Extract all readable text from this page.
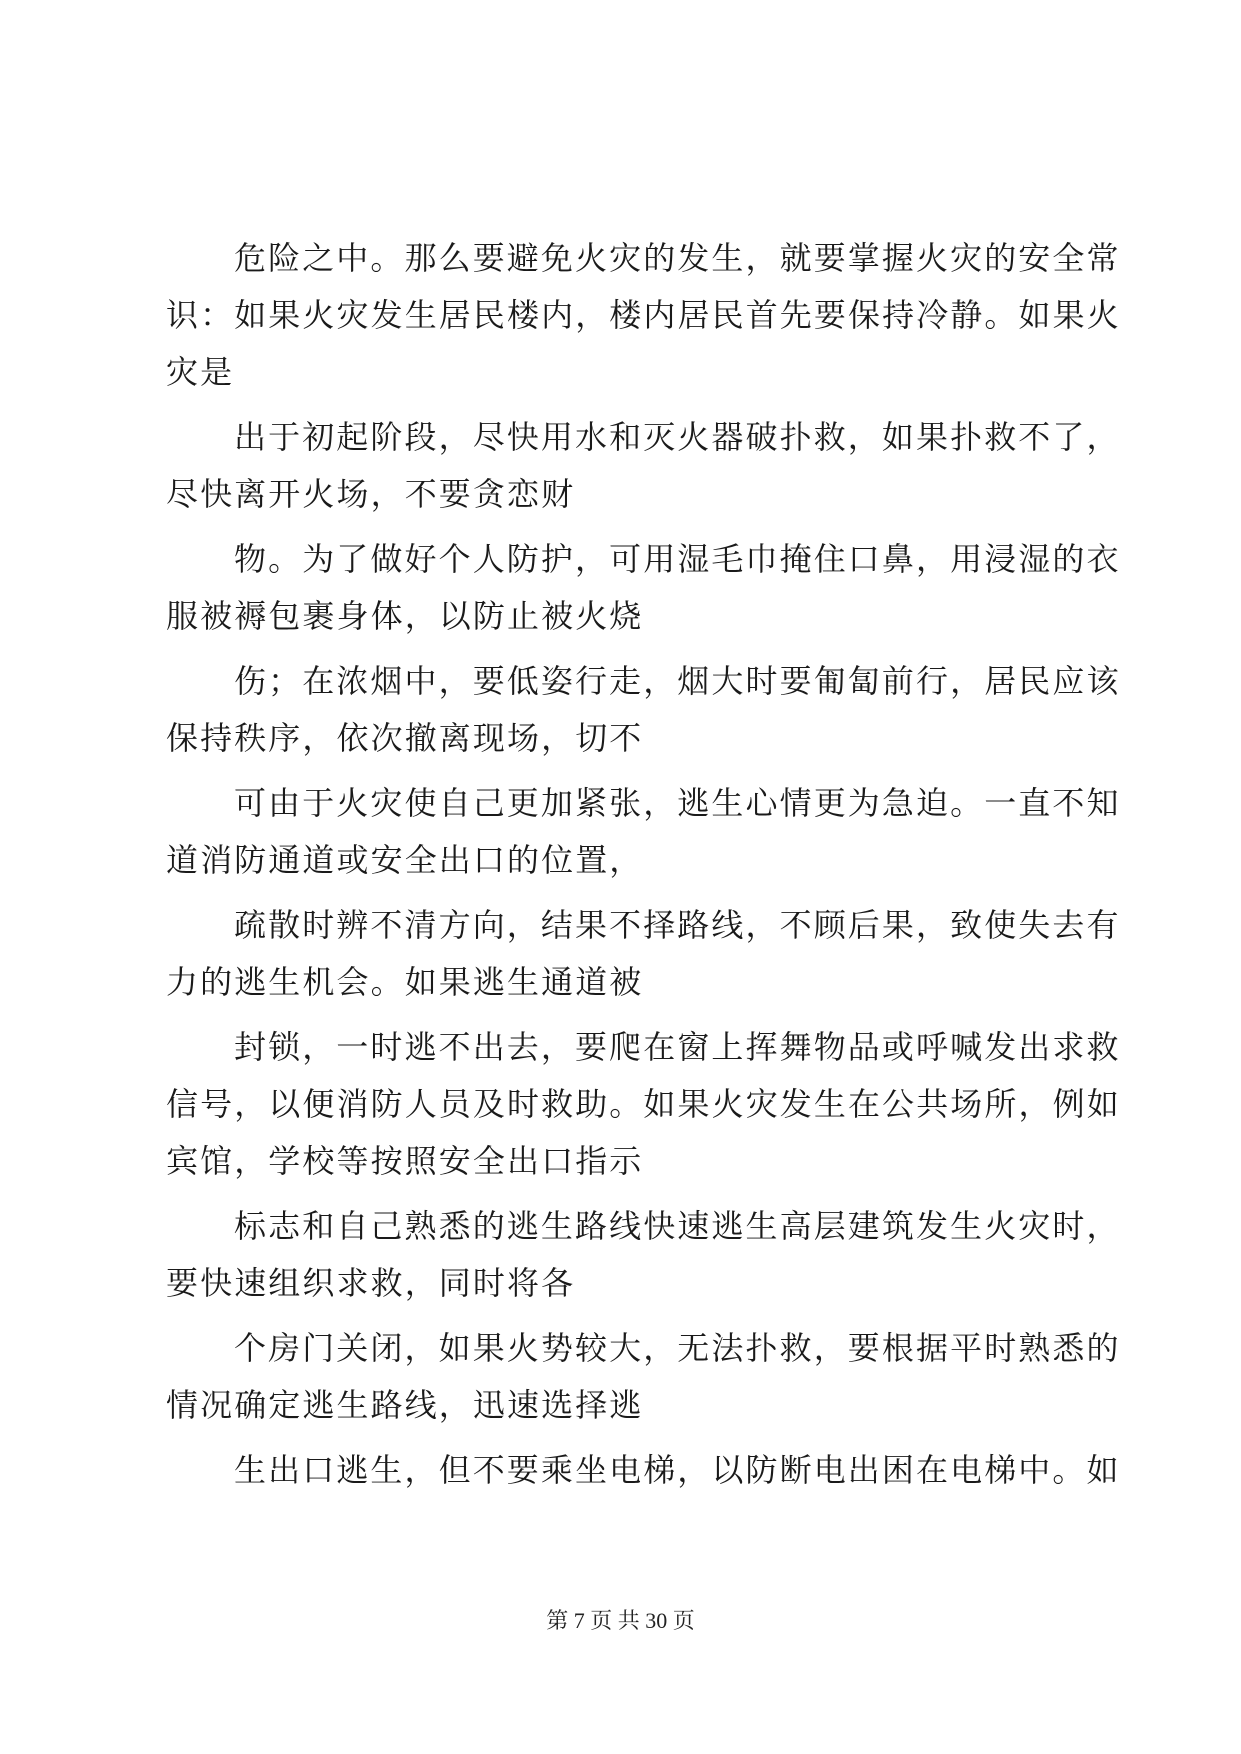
危险之中。那么要避免火灾的发生，就要掌握火灾的安全常
识：如果火灾发生居民楼内，楼内居民首先要保持冷静。如果火
灾是
出于初起阶段，尽快用水和灭火器破扑救，如果扑救不了，
尽快离开火场，不要贪恋财
物。为了做好个人防护，可用湿毛巾掩住口鼻，用浸湿的衣
服被褥包裹身体，以防止被火烧
伤；在浓烟中，要低姿行走，烟大时要匍匐前行，居民应该
保持秩序，依次撤离现场，切不
可由于火灾使自己更加紧张，逃生心情更为急迫。一直不知
道消防通道或安全出口的位置，
疏散时辨不清方向，结果不择路线，不顾后果，致使失去有
力的逃生机会。如果逃生通道被
封锁，一时逃不出去，要爬在窗上挥舞物品或呼喊发出求救
信号，以便消防人员及时救助。如果火灾发生在公共场所，例如
宾馆，学校等按照安全出口指示
标志和自己熟悉的逃生路线快速逃生高层建筑发生火灾时，
要快速组织求救，同时将各
个房门关闭，如果火势较大，无法扑救，要根据平时熟悉的
情况确定逃生路线，迅速选择逃
生出口逃生，但不要乘坐电梯，以防断电出困在电梯中。如
第 7 页 共 30 页
